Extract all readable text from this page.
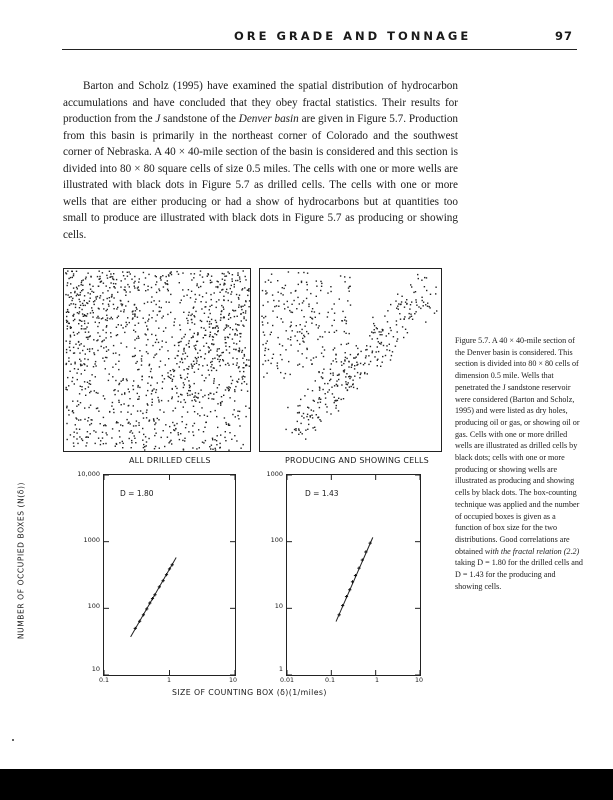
ORE GRADE AND TONNAGE	97

Barton and Scholz (1995) have examined the spatial distribution of hydrocarbon accumulations and have concluded that they obey fractal statistics. Their results for production from the J sandstone of the Denver basin are given in Figure 5.7. Production from this basin is primarily in the northeast corner of Colorado and the southwest corner of Nebraska. A 40 × 40-mile section of the basin is considered and this section is divided into 80 × 80 square cells of size 0.5 miles. The cells with one or more wells are illustrated with black dots in Figure 5.7 as drilled cells. The cells with one or more wells that are either producing or had a show of hydrocarbons but at quantities too small to produce are illustrated with black dots in Figure 5.7 as producing or showing cells.

ALL DRILLED CELLS	PRODUCING AND SHOWING CELLS
D = 1.80	D = 1.43
10,000
1000
100
10
1000
100
10
1
0.1	1	10	0.01	0.1	1	10
NUMBER OF OCCUPIED BOXES (N(δ))
SIZE OF COUNTING BOX (δ)(1/miles)

Figure 5.7. A 40 × 40-mile section of the Denver basin is considered. This section is divided into 80 × 80 cells of dimension 0.5 mile. Wells that penetrated the J sandstone reservoir were considered (Barton and Scholz, 1995) and were listed as dry holes, producing oil or gas, or showing oil or gas. Cells with one or more drilled wells are illustrated as drilled cells by black dots; cells with one or more producing or showing wells are illustrated as producing and showing cells by black dots. The box-counting technique was applied and the number of occupied boxes is given as a function of box size for the two distributions. Good correlations are obtained with the fractal relation (2.2) taking D = 1.80 for the drilled cells and D = 1.43 for the producing and showing cells.
